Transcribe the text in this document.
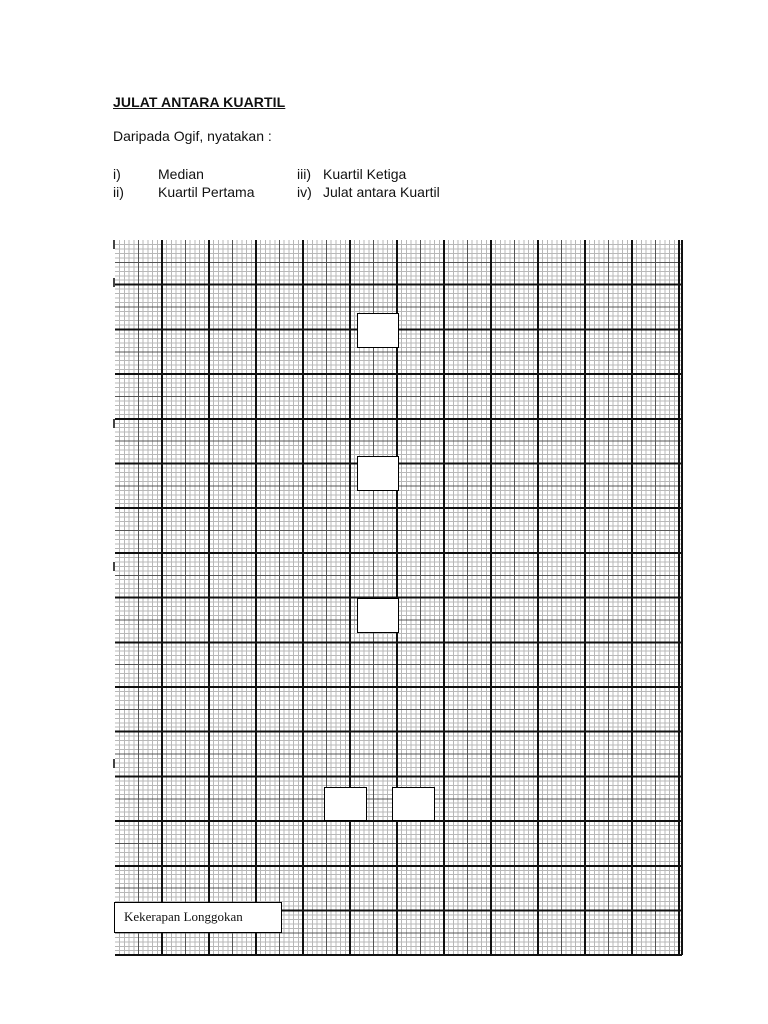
JULAT ANTARA KUARTIL
Daripada Ogif, nyatakan :
i)	Median
ii) Kuartil Pertama
iii) Kuartil Ketiga
iv) Julat antara Kuartil
Kekerapan Longgokan
